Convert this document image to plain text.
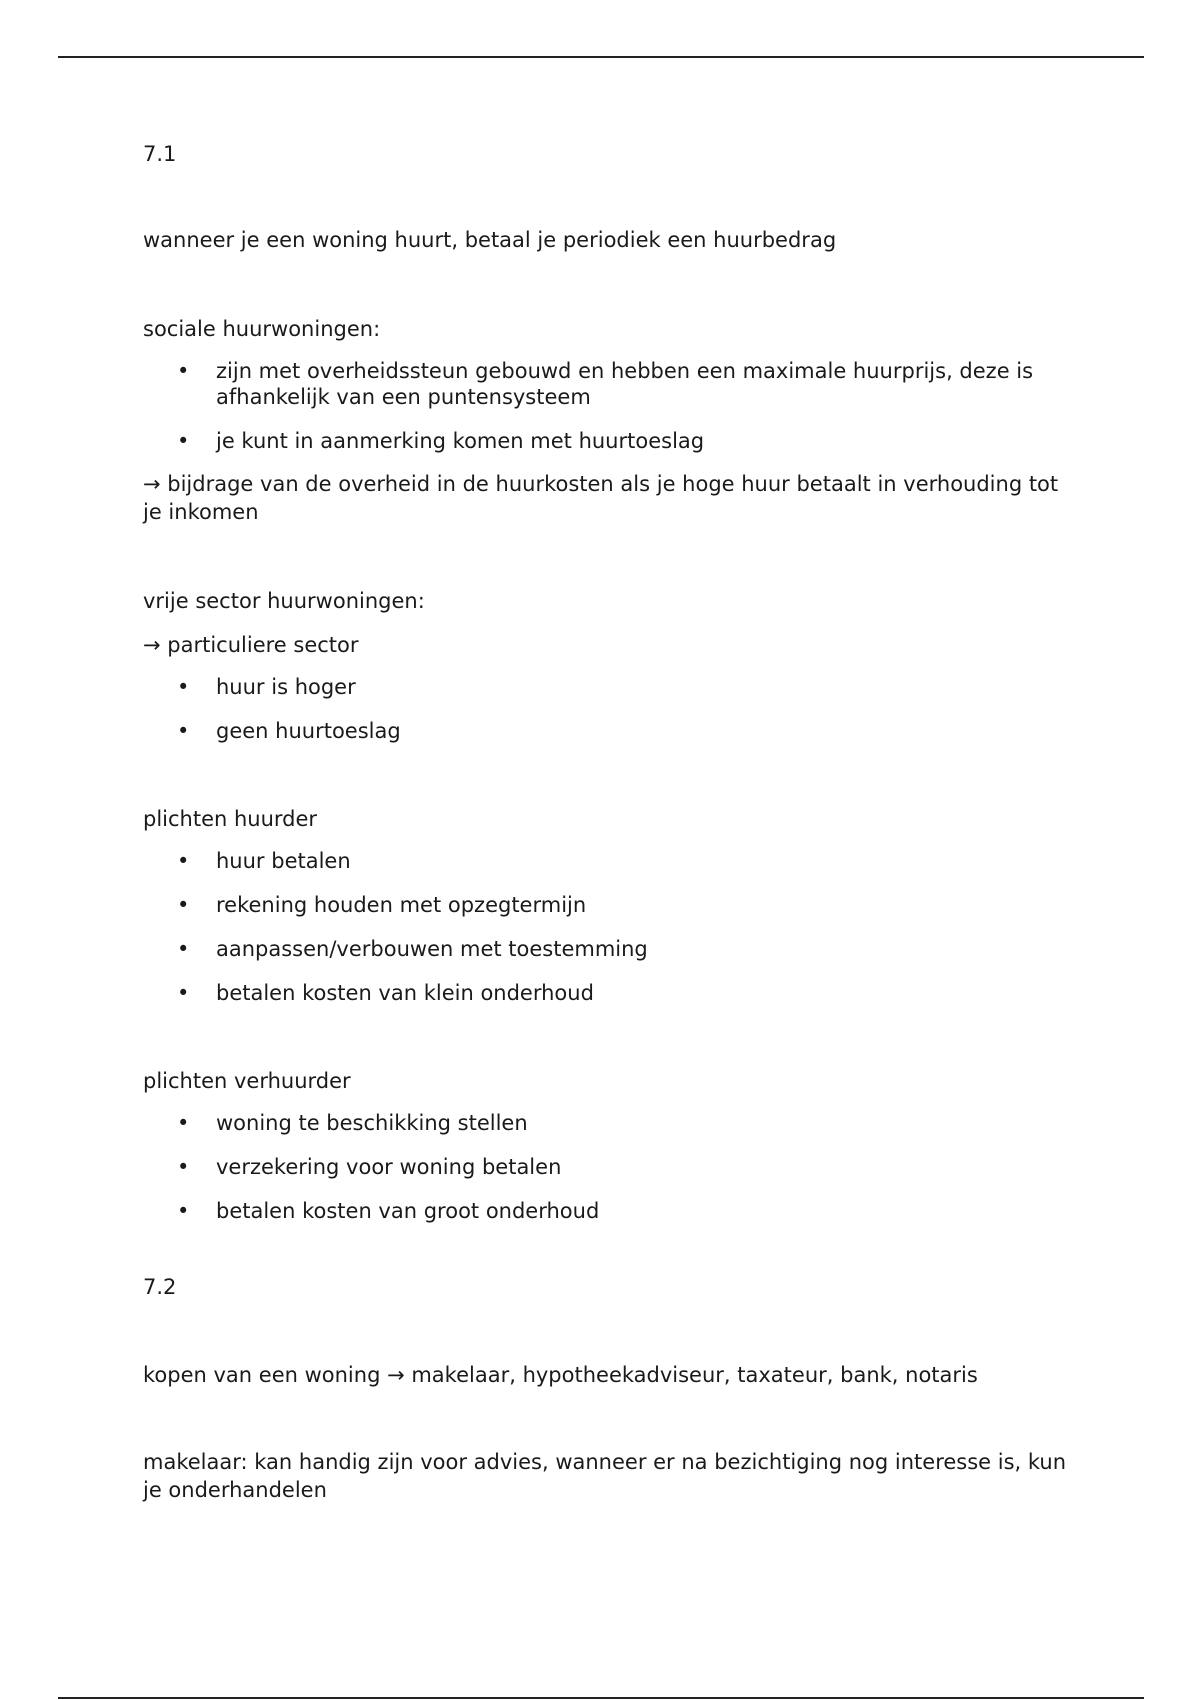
7.1

wanneer je een woning huurt, betaal je periodiek een huurbedrag

sociale huurwoningen:

• zijn met overheidssteun gebouwd en hebben een maximale huurprijs, deze is afhankelijk van een puntensysteem
• je kunt in aanmerking komen met huurtoeslag

→ bijdrage van de overheid in de huurkosten als je hoge huur betaalt in verhouding tot je inkomen

vrije sector huurwoningen:

→ particuliere sector

• huur is hoger
• geen huurtoeslag

plichten huurder

• huur betalen
• rekening houden met opzegtermijn
• aanpassen/verbouwen met toestemming
• betalen kosten van klein onderhoud

plichten verhuurder

• woning te beschikking stellen
• verzekering voor woning betalen
• betalen kosten van groot onderhoud

7.2

kopen van een woning → makelaar, hypotheekadviseur, taxateur, bank, notaris

makelaar: kan handig zijn voor advies, wanneer er na bezichtiging nog interesse is, kun je onderhandelen
